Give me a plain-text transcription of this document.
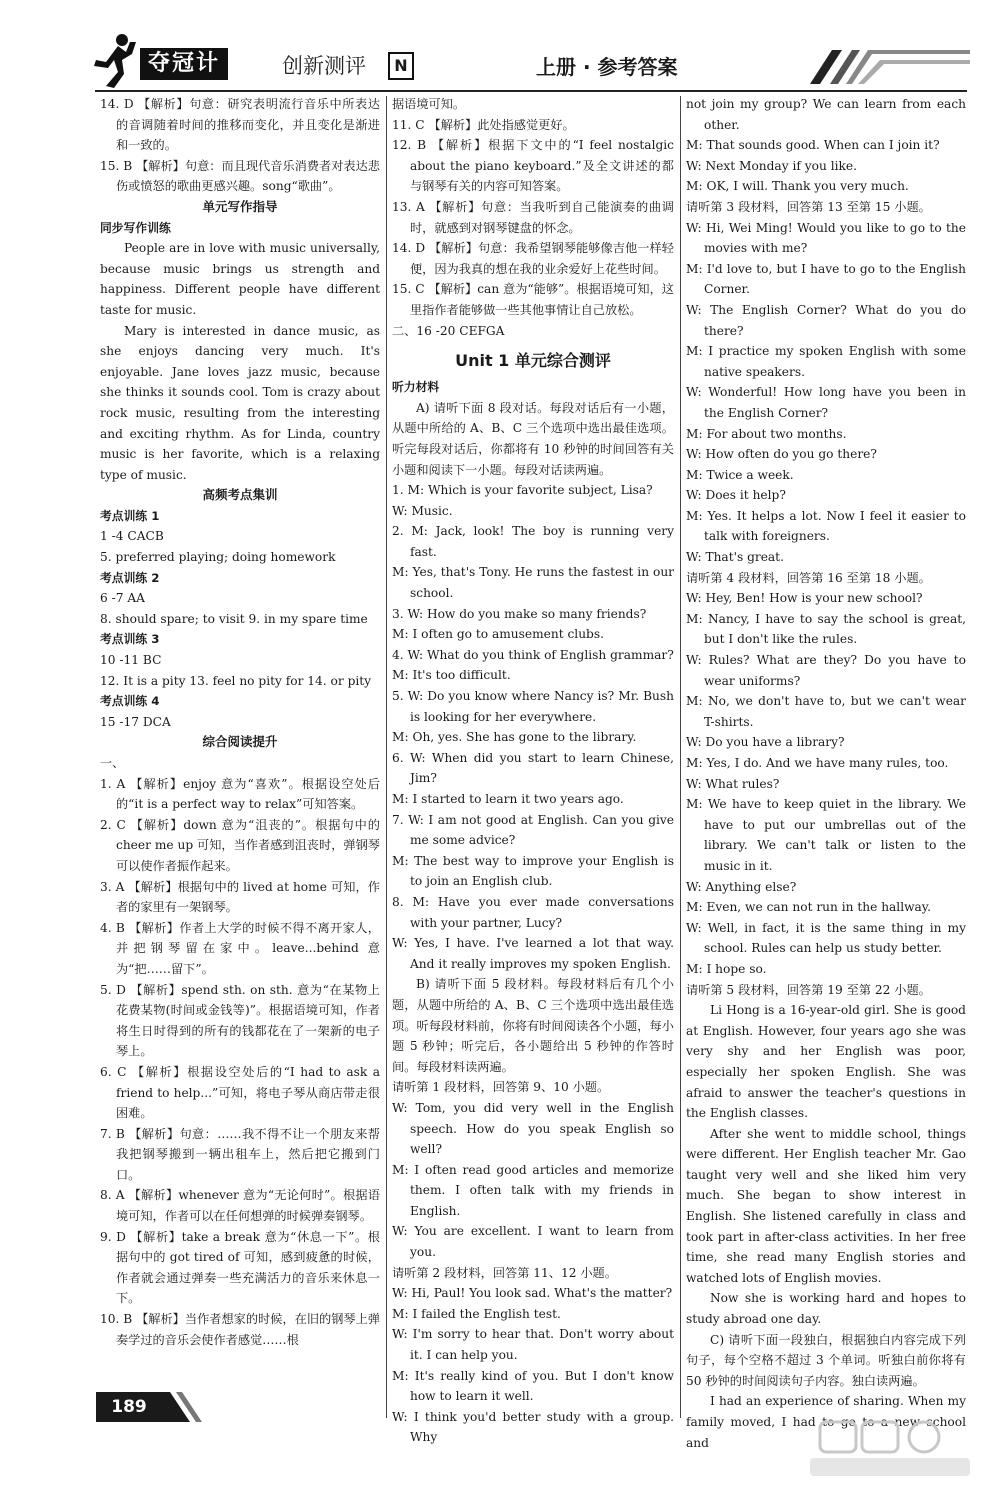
夺冠计	创新测评	N	上册 · 参考答案

14. D 【解析】句意：研究表明流行音乐中所表达的音调随着时间的推移而变化，并且变化是渐进和一致的。

15. B 【解析】句意：而且现代音乐消费者对表达悲伤或愤怒的歌曲更感兴趣。song“歌曲”。

单元写作指导

同步写作训练

People are in love with music universally, because music brings us strength and happiness. Different people have different taste for music.

Mary is interested in dance music, as she enjoys dancing very much. It's enjoyable. Jane loves jazz music, because she thinks it sounds cool. Tom is crazy about rock music, resulting from the interesting and exciting rhythm. As for Linda, country music is her favorite, which is a relaxing type of music.

高频考点集训

考点训练 1

1 -4 CACB

5. preferred playing; doing homework

考点训练 2

6 -7 AA

8. should spare; to visit 9. in my spare time

考点训练 3

10 -11 BC

12. It is a pity 13. feel no pity for 14. or pity

考点训练 4

15 -17 DCA

综合阅读提升

一、

1. A 【解析】enjoy 意为“喜欢”。根据设空处后的“it is a perfect way to relax”可知答案。

2. C 【解析】down 意为“沮丧的”。根据句中的 cheer me up 可知，当作者感到沮丧时，弹钢琴可以使作者振作起来。

3. A 【解析】根据句中的 lived at home 可知，作者的家里有一架钢琴。

4. B 【解析】作者上大学的时候不得不离开家人，并把钢琴留在家中。leave...behind 意为“把……留下”。

5. D 【解析】spend sth. on sth. 意为“在某物上花费某物(时间或金钱等)”。根据语境可知，作者将生日时得到的所有的钱都花在了一架新的电子琴上。

6. C 【解析】根据设空处后的“I had to ask a friend to help...”可知，将电子琴从商店带走很困难。

7. B 【解析】句意：……我不得不让一个朋友来帮我把钢琴搬到一辆出租车上，然后把它搬到门口。

8. A 【解析】whenever 意为“无论何时”。根据语境可知，作者可以在任何想弹的时候弹奏钢琴。

9. D 【解析】take a break 意为“休息一下”。根据句中的 got tired of 可知，感到疲惫的时候，作者就会通过弹奏一些充满活力的音乐来休息一下。

10. B 【解析】当作者想家的时候，在旧的钢琴上弹奏学过的音乐会使作者感觉……根

据语境可知。

11. C 【解析】此处指感觉更好。

12. B 【解析】根据下文中的“I feel nostalgic about the piano keyboard.”及全文讲述的都与钢琴有关的内容可知答案。

13. A 【解析】句意：当我听到自己能演奏的曲调时，就感到对钢琴键盘的怀念。

14. D 【解析】句意：我希望钢琴能够像吉他一样轻便，因为我真的想在我的业余爱好上花些时间。

15. C 【解析】can 意为“能够”。根据语境可知，这里指作者能够做一些其他事情让自己放松。

二、16 -20 CEFGA

Unit 1 单元综合测评

听力材料

A) 请听下面 8 段对话。每段对话后有一小题，从题中所给的 A、B、C 三个选项中选出最佳选项。听完每段对话后，你都将有 10 秒钟的时间回答有关小题和阅读下一小题。每段对话读两遍。

1. M: Which is your favorite subject, Lisa?

W: Music.

2. M: Jack, look! The boy is running very fast.

M: Yes, that's Tony. He runs the fastest in our school.

3. W: How do you make so many friends?

M: I often go to amusement clubs.

4. W: What do you think of English grammar?

M: It's too difficult.

5. W: Do you know where Nancy is? Mr. Bush is looking for her everywhere.

M: Oh, yes. She has gone to the library.

6. W: When did you start to learn Chinese, Jim?

M: I started to learn it two years ago.

7. W: I am not good at English. Can you give me some advice?

M: The best way to improve your English is to join an English club.

8. M: Have you ever made conversations with your partner, Lucy?

W: Yes, I have. I've learned a lot that way. And it really improves my spoken English.

B) 请听下面 5 段材料。每段材料后有几个小题，从题中所给的 A、B、C 三个选项中选出最佳选项。听每段材料前，你将有时间阅读各个小题，每小题 5 秒钟；听完后，各小题给出 5 秒钟的作答时间。每段材料读两遍。

请听第 1 段材料，回答第 9、10 小题。

W: Tom, you did very well in the English speech. How do you speak English so well?

M: I often read good articles and memorize them. I often talk with my friends in English.

W: You are excellent. I want to learn from you.

请听第 2 段材料，回答第 11、12 小题。

W: Hi, Paul! You look sad. What's the matter?

M: I failed the English test.

W: I'm sorry to hear that. Don't worry about it. I can help you.

M: It's really kind of you. But I don't know how to learn it well.

W: I think you'd better study with a group. Why

not join my group? We can learn from each other.

M: That sounds good. When can I join it?

W: Next Monday if you like.

M: OK, I will. Thank you very much.

请听第 3 段材料，回答第 13 至第 15 小题。

W: Hi, Wei Ming! Would you like to go to the movies with me?

M: I'd love to, but I have to go to the English Corner.

W: The English Corner? What do you do there?

M: I practice my spoken English with some native speakers.

W: Wonderful! How long have you been in the English Corner?

M: For about two months.

W: How often do you go there?

M: Twice a week.

W: Does it help?

M: Yes. It helps a lot. Now I feel it easier to talk with foreigners.

W: That's great.

请听第 4 段材料，回答第 16 至第 18 小题。

W: Hey, Ben! How is your new school?

M: Nancy, I have to say the school is great, but I don't like the rules.

W: Rules? What are they? Do you have to wear uniforms?

M: No, we don't have to, but we can't wear T-shirts.

W: Do you have a library?

M: Yes, I do. And we have many rules, too.

W: What rules?

M: We have to keep quiet in the library. We have to put our umbrellas out of the library. We can't talk or listen to the music in it.

W: Anything else?

M: Even, we can not run in the hallway.

W: Well, in fact, it is the same thing in my school. Rules can help us study better.

M: I hope so.

请听第 5 段材料，回答第 19 至第 22 小题。

Li Hong is a 16-year-old girl. She is good at English. However, four years ago she was very shy and her English was poor, especially her spoken English. She was afraid to answer the teacher's questions in the English classes.

After she went to middle school, things were different. Her English teacher Mr. Gao taught very well and she liked him very much. She began to show interest in English. She listened carefully in class and took part in after-class activities. In her free time, she read many English stories and watched lots of English movies.

Now she is working hard and hopes to study abroad one day.

C) 请听下面一段独白，根据独白内容完成下列句子，每个空格不超过 3 个单词。听独白前你将有 50 秒钟的时间阅读句子内容。独白读两遍。

I had an experience of sharing. When my family moved, I had to go to a new school and

189
